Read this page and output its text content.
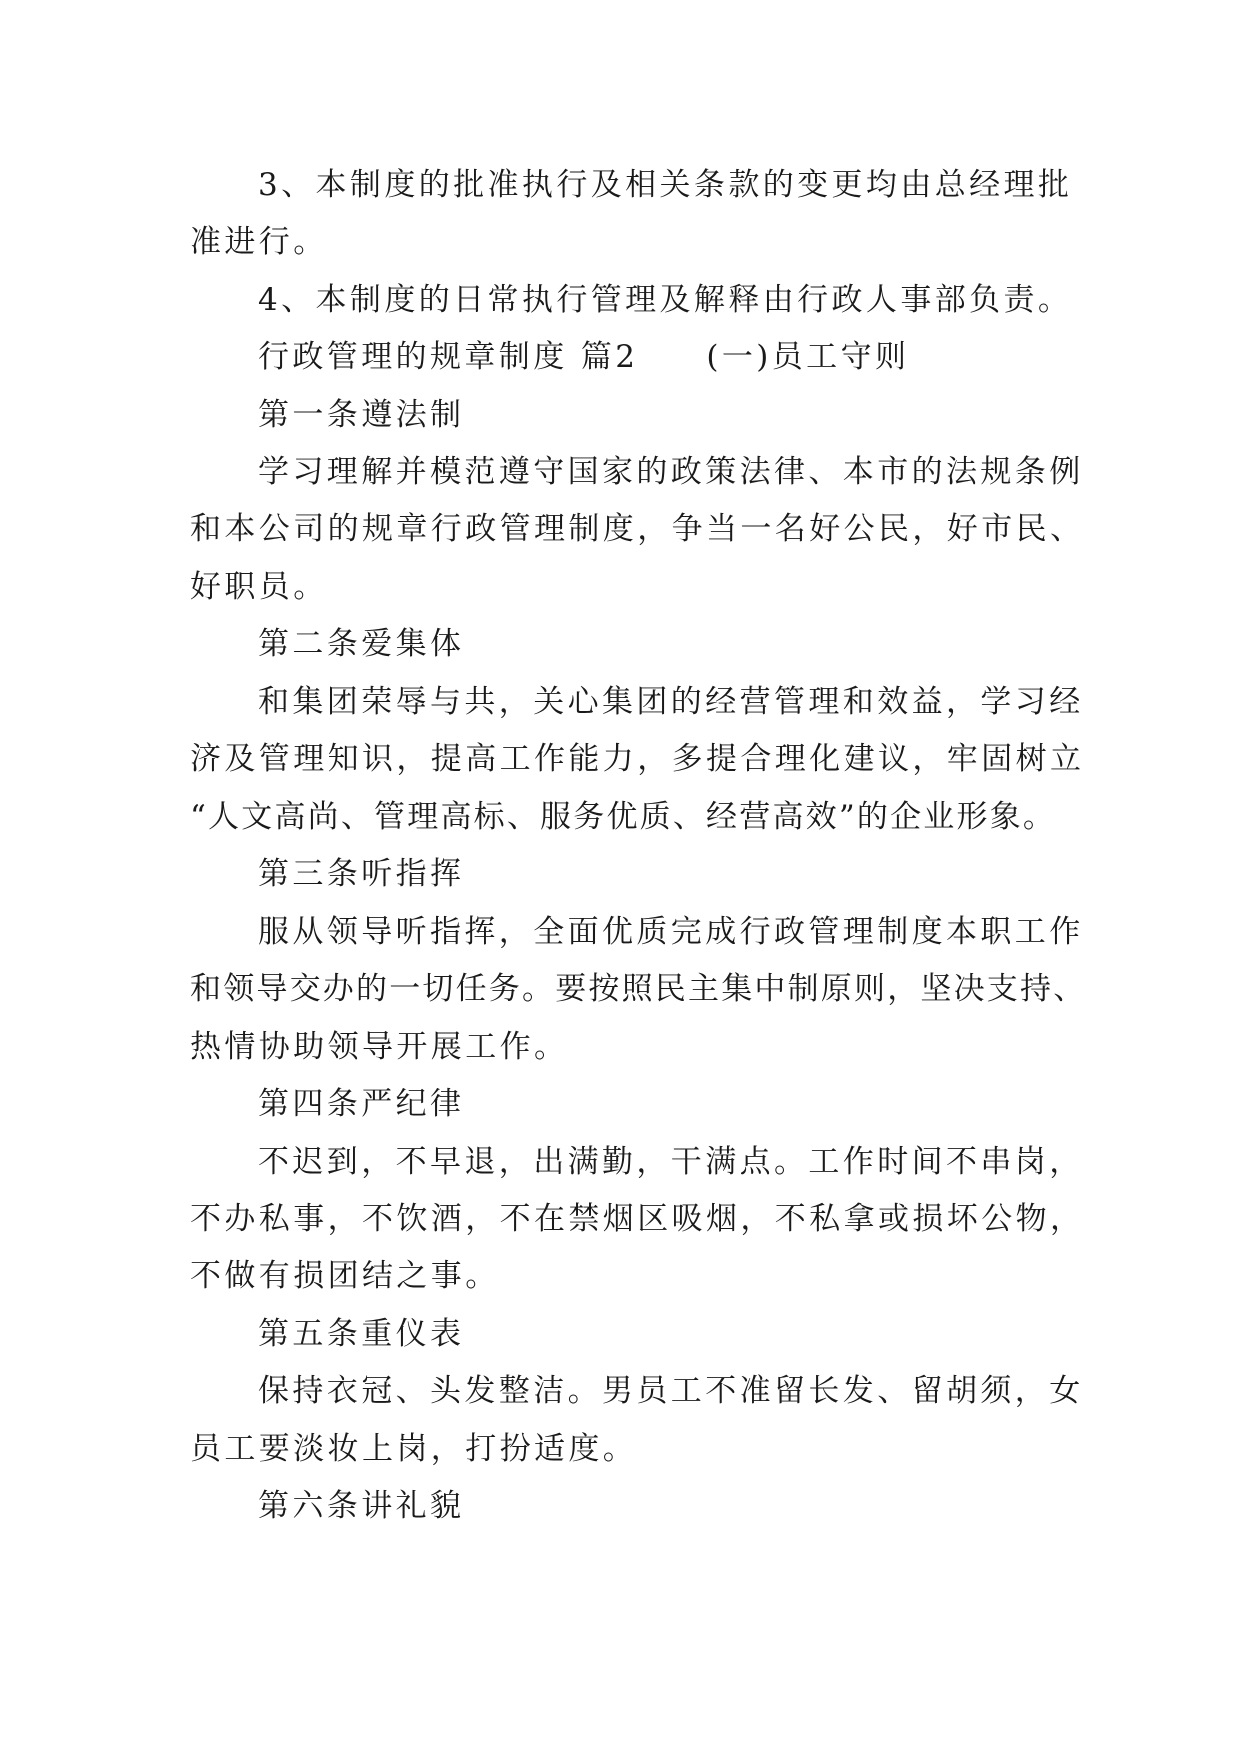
3、本制度的批准执行及相关条款的变更均由总经理批
准进行。
4、本制度的日常执行管理及解释由行政人事部负责。
行政管理的规章制度 篇2 (一)员工守则
第一条遵法制
学习理解并模范遵守国家的政策法律、本市的法规条例
和本公司的规章行政管理制度，争当一名好公民，好市民、
好职员。
第二条爱集体
和集团荣辱与共，关心集团的经营管理和效益，学习经
济及管理知识，提高工作能力，多提合理化建议，牢固树立
“人文高尚、管理高标、服务优质、经营高效”的企业形象。
第三条听指挥
服从领导听指挥，全面优质完成行政管理制度本职工作
和领导交办的一切任务。要按照民主集中制原则，坚决支持、
热情协助领导开展工作。
第四条严纪律
不迟到，不早退，出满勤，干满点。工作时间不串岗，
不办私事，不饮酒，不在禁烟区吸烟，不私拿或损坏公物，
不做有损团结之事。
第五条重仪表
保持衣冠、头发整洁。男员工不准留长发、留胡须，女
员工要淡妆上岗，打扮适度。
第六条讲礼貌
